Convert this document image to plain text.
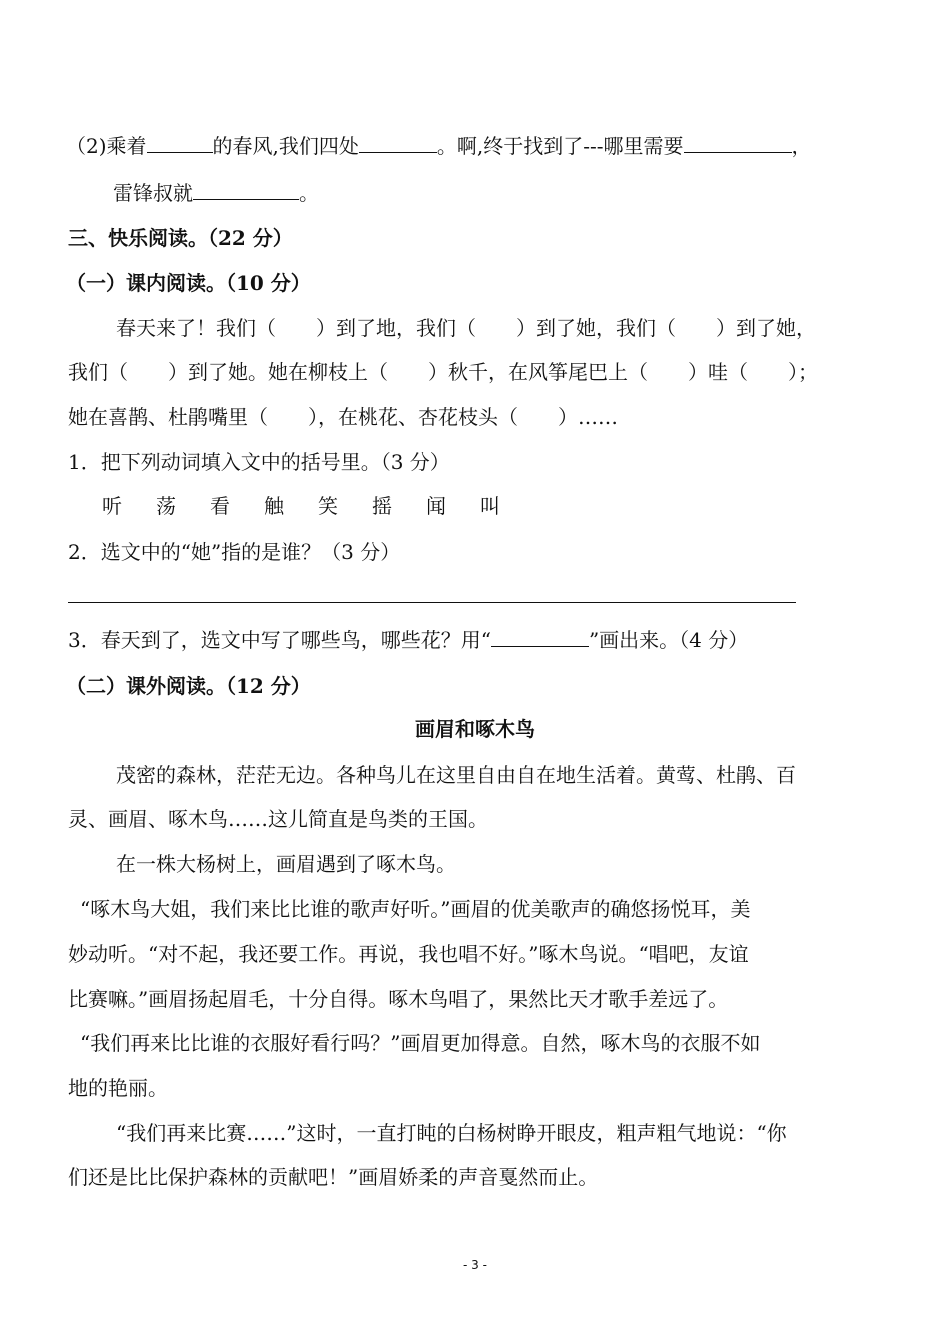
（2)乘着	的春风,我们四处	。啊,终于找到了---哪里需要	，
雷锋叔就	。
三、快乐阅读。（22 分）
（一）课内阅读。（10 分）
春天来了！我们（　　）到了地，我们（　　）到了她，我们（　　）到了她，
我们（　　）到了她。她在柳枝上（　　）秋千，在风筝尾巴上（　　）哇（　　）；
她在喜鹊、杜鹃嘴里（　　），在桃花、杏花枝头（　　）……
1．把下列动词填入文中的括号里。（3 分）
听 荡 看 触 笑 摇 闻 叫
2．选文中的“她”指的是谁？（3 分）
3．春天到了，选文中写了哪些鸟，哪些花？用“	”画出来。（4 分）
（二）课外阅读。（12 分）
画眉和啄木鸟
茂密的森林，茫茫无边。各种鸟儿在这里自由自在地生活着。黄莺、杜鹃、百
灵、画眉、啄木鸟……这儿简直是鸟类的王国。
在一株大杨树上，画眉遇到了啄木鸟。
“啄木鸟大姐，我们来比比谁的歌声好听。”画眉的优美歌声的确悠扬悦耳，美
妙动听。“对不起，我还要工作。再说，我也唱不好。”啄木鸟说。“唱吧，友谊
比赛嘛。”画眉扬起眉毛，十分自得。啄木鸟唱了，果然比天才歌手差远了。
“我们再来比比谁的衣服好看行吗？”画眉更加得意。自然，啄木鸟的衣服不如
地的艳丽。
“我们再来比赛……”这时，一直打盹的白杨树睁开眼皮，粗声粗气地说：“你
们还是比比保护森林的贡献吧！”画眉娇柔的声音戛然而止。
- 3 -
